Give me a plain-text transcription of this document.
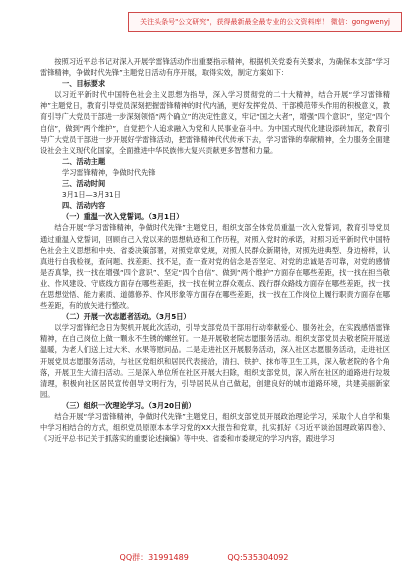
关注头条号"公文研究"，获得最新最全最专业的公文资料库！ 微信：gongwenyj

按照习近平总书记对深入开展学雷锋活动作出重要指示精神，根据机关党委有关要求，为确保本支部“学习雷锋精神，争做时代先锋”主题党日活动有序开展，取得实效，制定方案如下：

一、目标要求

以习近平新时代中国特色社会主义思想为指导，深入学习贯彻党的二十大精神，结合开展“学习雷锋精神”主题党日，教育引导党员深刻把握雷锋精神的时代内涵，更好发挥党员、干部模范带头作用的积极意义，教育引导广大党员干部进一步深刻领悟“两个确立”的决定性意义，牢记“国之大者”，增强“四个意识”，坚定“四个自信”，做到“两个维护”，自觉把个人追求融入为党和人民事业奋斗中。为中国式现代化建设添砖加瓦，教育引导广大党员干部进一步开展好学雷锋活动，把雷锋精神代代传承下去，学习雷锋的奉献精神，全力服务全面建设社会主义现代化国家，全面推进中华民族伟大复兴贡献更多智慧和力量。

二、活动主题

学习雷锋精神，争做时代先锋

三、活动时间

3月1日—3月31日

四、活动内容

（一）重温一次入党誓词。（3月1日）

结合开展“学习雷锋精神，争做时代先锋”主题党日，组织支部全体党员重温一次入党誓词，教育引导党员通过重温入党誓词，回顾自己入党以来的思想轨迹和工作历程，对照入党时的承诺，对照习近平新时代中国特色社会主义思想和中央、省委决策部署，对照党章党规，对照人民群众新期待，对照先进典型、身边榜样，认真进行自我检视，查问题、找差距、找不足，查一查对党的信念是否坚定、对党的忠诚是否可靠，对党的感情是否真挚，找一找在增强“四个意识”、坚定“四个自信”、做到“两个维护”方面存在哪些差距，找一找在担当敬业、作风建设、守底线方面存在哪些差距，找一找在树立群众观点、践行群众路线方面存在哪些差距，找一找在思想觉悟、能力素质、道德修养、作风形象等方面存在哪些差距，找一找在工作岗位上履行职责方面存在哪些差距，有的放矢进行整改。

（二）开展一次志愿者活动。（3月5日）

以学习雷锋纪念日为契机开展此次活动，引导支部党员干部用行动奉献爱心、服务社会，在实践感悟雷锋精神，在自己岗位上做一颗永不生锈的螺丝钉。一是开展敬老院志愿服务活动。组织支部党员去敬老院开展送温暖，为老人们送上过大米、水果等慰问品。二是走进社区开展服务活动，深入社区志愿服务活动，走进社区开展党员志愿服务活动，与社区党组织和居民代表接洽，清扫、铁护、抹布等卫生工具，深入敬老院的各个角落，开展卫生大清扫活动。三是深入单位所在社区开展大扫除，组织支部党员，深入所在社区的道路进行垃圾清理，积极向社区居民宣传倡导文明行为，引导居民从自己做起，创建良好的城市道路环境，共建美丽新家园。

（三）组织一次理论学习。（3月20日前）

结合开展“学习雷锋精神，争做时代先锋”主题党日，组织支部党员开展政治理论学习，采取个人自学和集中学习相结合的方式，组织党员原原本本学习党的XX大报告和党章，扎实抓好《习近平谈治国理政第四卷》、《习近平总书记关于抓落实的重要论述摘编》等中央、省委和市委规定的学习内容，跟进学习

QQ群：31991489	QQ:535304092
